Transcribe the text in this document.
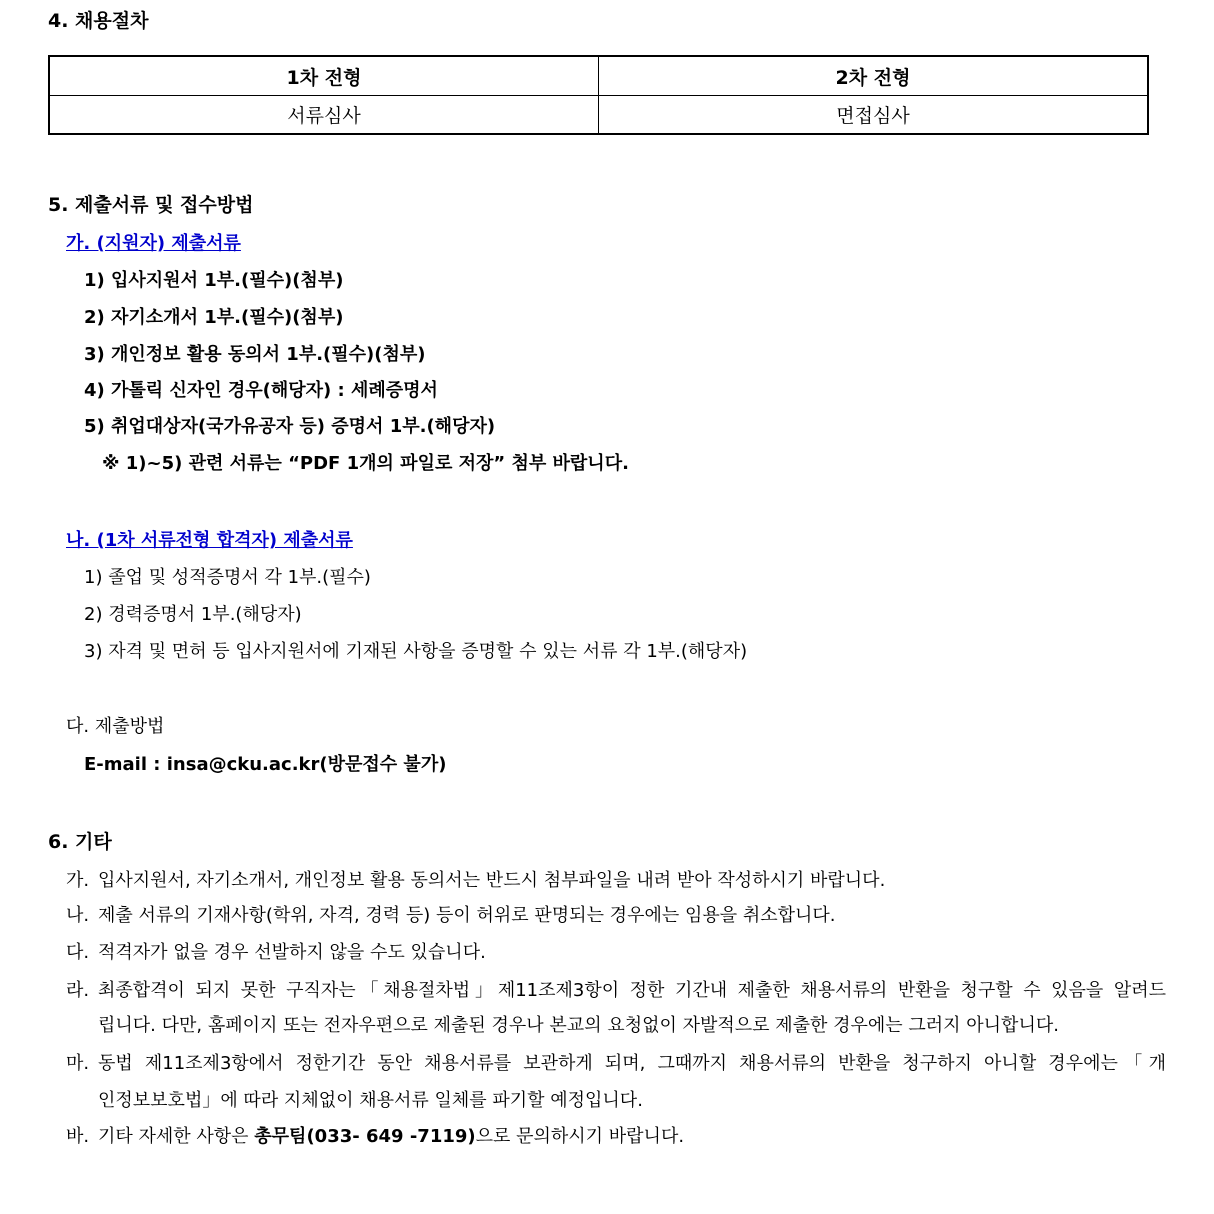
4. 채용절차
1차 전형	2차 전형
서류심사	면접심사
5. 제출서류 및 접수방법
가. (지원자) 제출서류
1) 입사지원서 1부.(필수)(첨부)
2) 자기소개서 1부.(필수)(첨부)
3) 개인정보 활용 동의서 1부.(필수)(첨부)
4) 가톨릭 신자인 경우(해당자) : 세례증명서
5) 취업대상자(국가유공자 등) 증명서 1부.(해당자)
※ 1)~5) 관련 서류는 “PDF 1개의 파일로 저장” 첨부 바랍니다.
나. (1차 서류전형 합격자) 제출서류
1) 졸업 및 성적증명서 각 1부.(필수)
2) 경력증명서 1부.(해당자)
3) 자격 및 면허 등 입사지원서에 기재된 사항을 증명할 수 있는 서류 각 1부.(해당자)
다. 제출방법
E-mail : insa@cku.ac.kr(방문접수 불가)
6. 기타
가. 입사지원서, 자기소개서, 개인정보 활용 동의서는 반드시 첨부파일을 내려 받아 작성하시기 바랍니다.
나. 제출 서류의 기재사항(학위, 자격, 경력 등) 등이 허위로 판명되는 경우에는 임용을 취소합니다.
다. 적격자가 없을 경우 선발하지 않을 수도 있습니다.
라. 최종합격이 되지 못한 구직자는「채용절차법」제11조제3항이 정한 기간내 제출한 채용서류의 반환을 청구할 수 있음을 알려드
립니다. 다만, 홈페이지 또는 전자우편으로 제출된 경우나 본교의 요청없이 자발적으로 제출한 경우에는 그러지 아니합니다.
마. 동법 제11조제3항에서 정한기간 동안 채용서류를 보관하게 되며, 그때까지 채용서류의 반환을 청구하지 아니할 경우에는「개
인정보보호법」에 따라 지체없이 채용서류 일체를 파기할 예정입니다.
바. 기타 자세한 사항은 총무팀(033- 649 -7119)으로 문의하시기 바랍니다.
